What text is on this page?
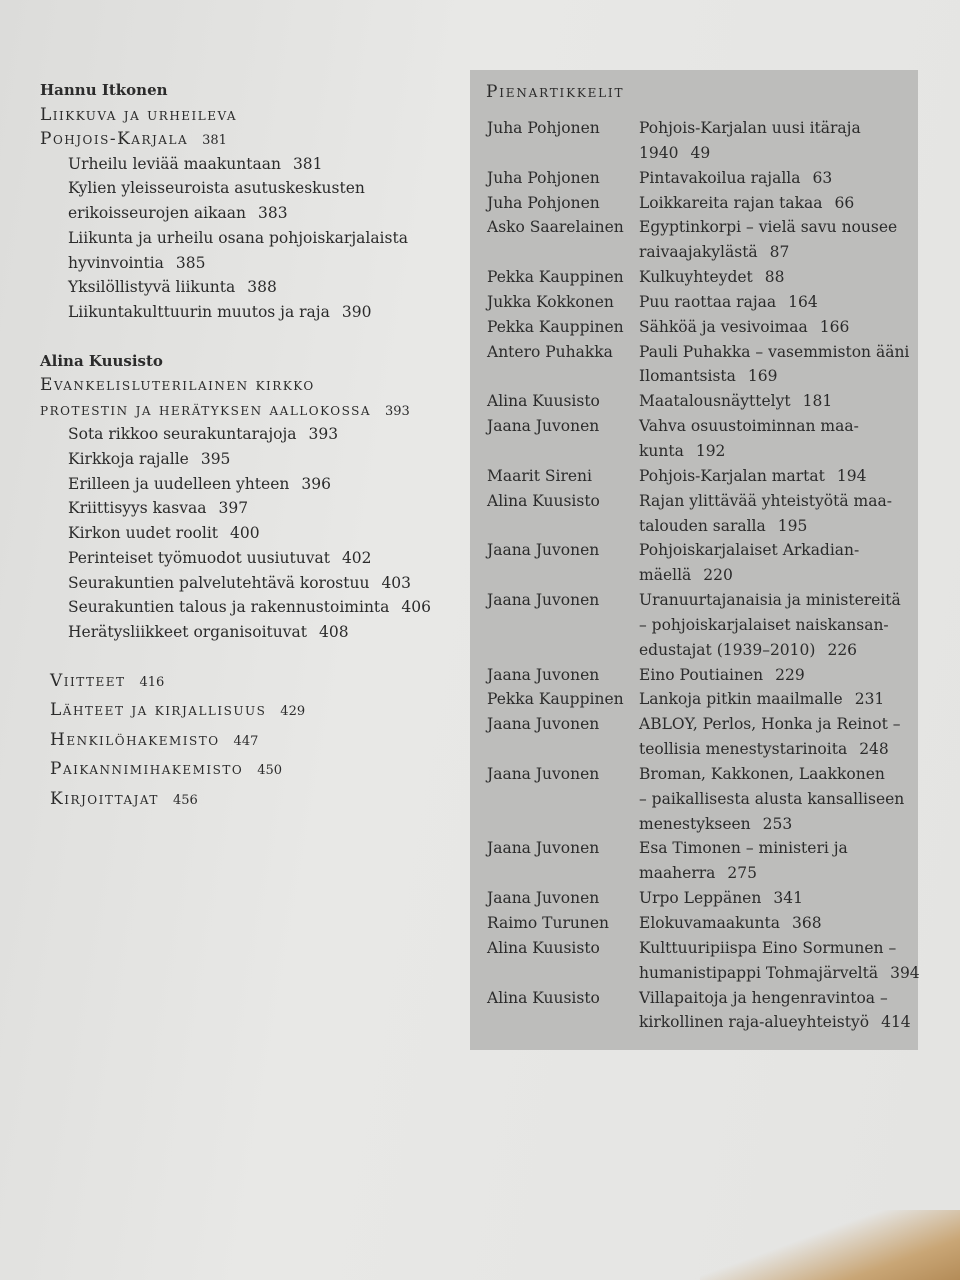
Hannu Itkonen
Liikkuva ja urheileva
Pohjois-Karjala 381
Urheilu leviää maakuntaan 381
Kylien yleisseuroista asutuskeskusten
erikoisseurojen aikaan 383
Liikunta ja urheilu osana pohjoiskarjalaista
hyvinvointia 385
Yksilöllistyvä liikunta 388
Liikuntakulttuurin muutos ja raja 390
Alina Kuusisto
Evankelisluterilainen kirkko
protestin ja herätyksen aallokossa 393
Sota rikkoo seurakuntarajoja 393
Kirkkoja rajalle 395
Erilleen ja uudelleen yhteen 396
Kriittisyys kasvaa 397
Kirkon uudet roolit 400
Perinteiset työmuodot uusiutuvat 402
Seurakuntien palvelutehtävä korostuu 403
Seurakuntien talous ja rakennustoiminta 406
Herätysliikkeet organisoituvat 408
Viitteet 416
Lähteet ja kirjallisuus 429
Henkilöhakemisto 447
Paikannimihakemisto 450
Kirjoittajat 456
Pienartikkelit
Juha Pohjonen	Pohjois-Karjalan uusi itäraja
1940 49
Juha Pohjonen	Pintavakoilua rajalla 63
Juha Pohjonen	Loikkareita rajan takaa 66
Asko Saarelainen Egyptinkorpi – vielä savu nousee
raivaajakylästä 87
Pekka Kauppinen Kulkuyhteydet 88
Jukka Kokkonen	Puu raottaa rajaa 164
Pekka Kauppinen Sähköä ja vesivoimaa 166
Antero Puhakka	Pauli Puhakka – vasemmiston ääni
Ilomantsista 169
Alina Kuusisto	Maatalousnäyttelyt 181
Jaana Juvonen	Vahva osuustoiminnan maa-
kunta 192
Maarit Sireni	Pohjois-Karjalan martat 194
Alina Kuusisto	Rajan ylittävää yhteistyötä maa-
talouden saralla 195
Jaana Juvonen	Pohjoiskarjalaiset Arkadian-
mäellä 220
Jaana Juvonen	Uranuurtajanaisia ja ministereitä
– pohjoiskarjalaiset naiskansan-
edustajat (1939–2010) 226
Jaana Juvonen	Eino Poutiainen 229
Pekka Kauppinen Lankoja pitkin maailmalle 231
Jaana Juvonen	ABLOY, Perlos, Honka ja Reinot –
teollisia menestystarinoita 248
Jaana Juvonen	Broman, Kakkonen, Laakkonen
– paikallisesta alusta kansalliseen
menestykseen 253
Jaana Juvonen	Esa Timonen – ministeri ja
maaherra 275
Jaana Juvonen	Urpo Leppänen 341
Raimo Turunen	Elokuvamaakunta 368
Alina Kuusisto	Kulttuuripiispa Eino Sormunen –
humanistipappi Tohmajärveltä 394
Alina Kuusisto	Villapaitoja ja hengenravintoa –
kirkollinen raja-alueyhteistyö 414
